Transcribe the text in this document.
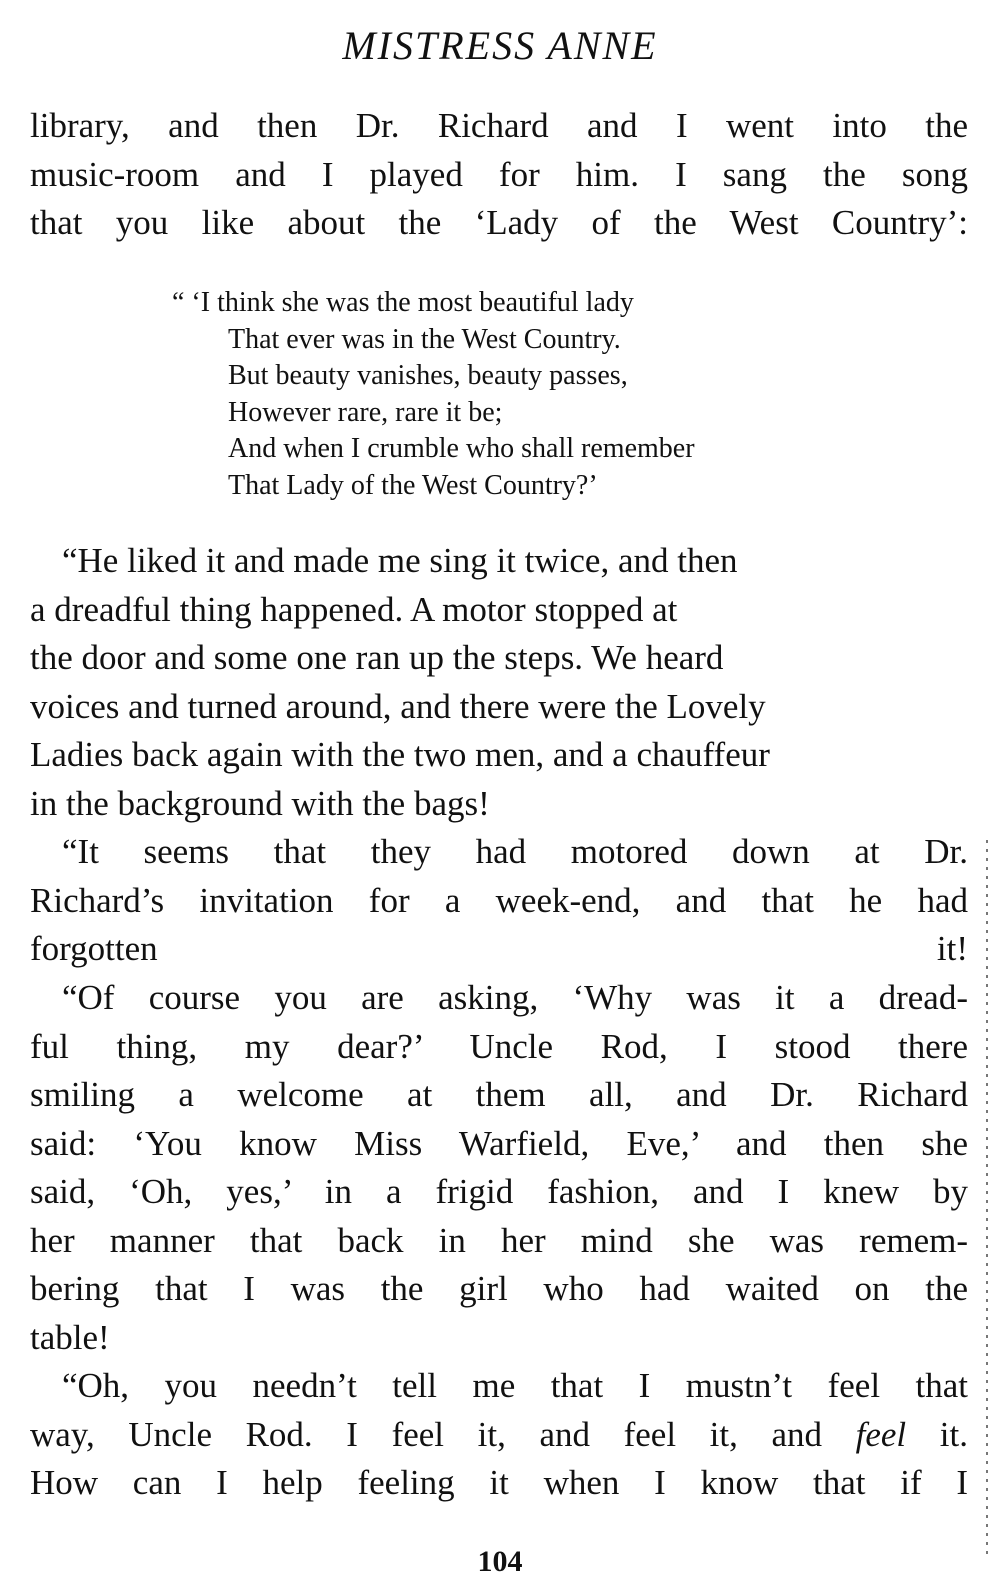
MISTRESS ANNE
library, and then Dr. Richard and I went into the
music-room and I played for him. I sang the song
that you like about the ‘Lady of the West Country’:
“ ‘I think she was the most beautiful lady
That ever was in the West Country.
But beauty vanishes, beauty passes,
However rare, rare it be;
And when I crumble who shall remember
That Lady of the West Country?’
“He liked it and made me sing it twice, and then
a dreadful thing happened. A motor stopped at
the door and some one ran up the steps. We heard
voices and turned around, and there were the Lovely
Ladies back again with the two men, and a chauffeur
in the background with the bags!
“It seems that they had motored down at Dr.
Richard’s invitation for a week-end, and that he had
forgotten it!
“Of course you are asking, ‘Why was it a dread-
ful thing, my dear?’ Uncle Rod, I stood there
smiling a welcome at them all, and Dr. Richard
said: ‘You know Miss Warfield, Eve,’ and then she
said, ‘Oh, yes,’ in a frigid fashion, and I knew by
her manner that back in her mind she was remem-
bering that I was the girl who had waited on the
table!
“Oh, you needn’t tell me that I mustn’t feel that
way, Uncle Rod. I feel it, and feel it, and feel it.
How can I help feeling it when I know that if I
104
